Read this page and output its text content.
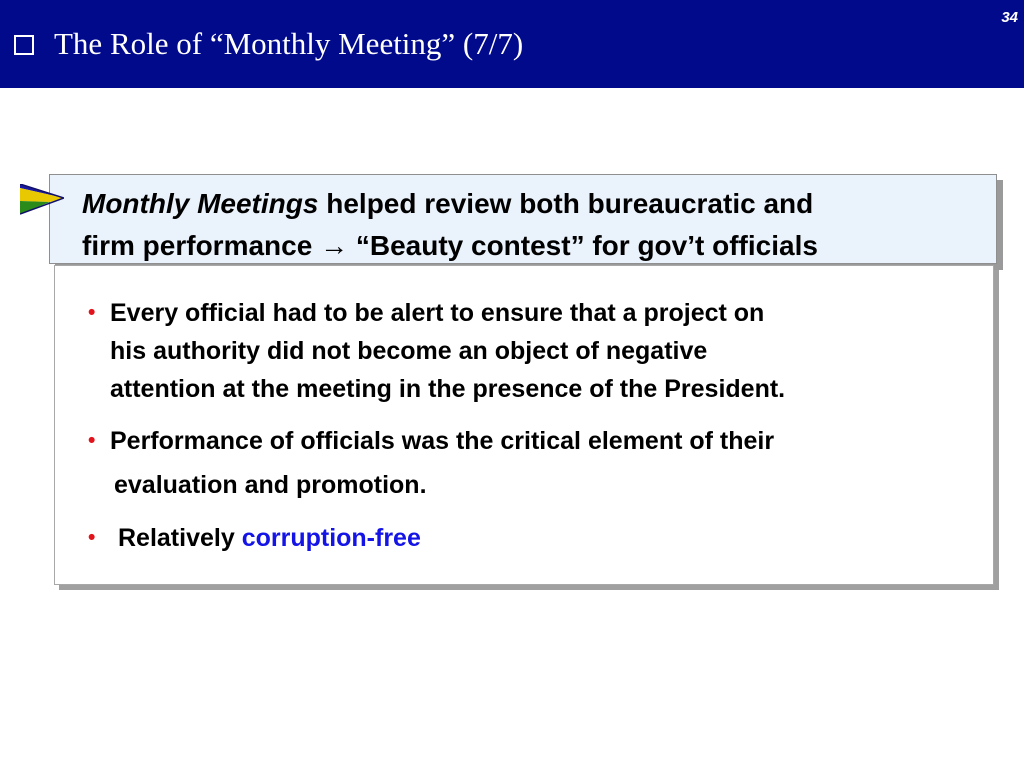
The Role of “Monthly Meeting” (7/7)
34
Monthly Meetings helped review both bureaucratic and
firm performance → “Beauty contest” for gov’t officials
• Every official had to be alert to ensure that a project on
his authority did not become an object of negative
attention at the meeting in the presence of the President.
• Performance of officials was the critical element of their
evaluation and promotion.
• Relatively corruption-free
